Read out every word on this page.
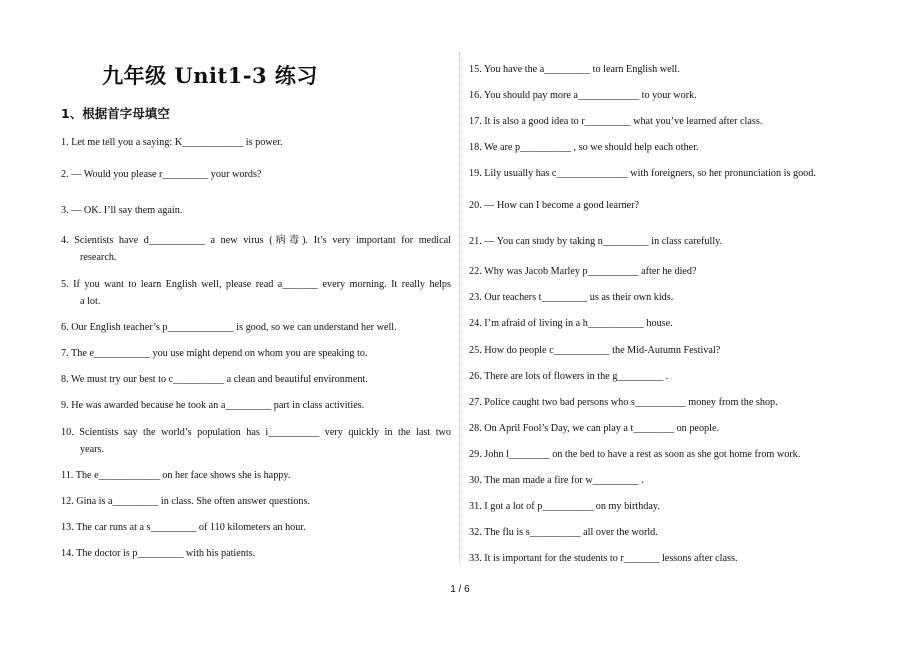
九年级 Unit1-3 练习
1、根据首字母填空
1. Let me tell you a saying: K____________ is power.
2. — Would you please r_________ your words?
3. — OK. I’ll say them again.
4. Scientists have d___________ a new virus (病毒). It’s very important for medical
research.
5. If you want to learn English well, please read a_______ every morning. It really helps
a lot.
6. Our English teacher’s p_____________ is good, so we can understand her well.
7. The e___________ you use might depend on whom you are speaking to.
8. We must try our best to c__________ a clean and beautiful environment.
9. He was awarded because he took an a_________ part in class activities.
10. Scientists say the world’s population has i__________ very quickly in the last two
years.
11. The e____________ on her face shows she is happy.
12. Gina is a_________ in class. She often answer questions.
13. The car runs at a s_________ of 110 kilometers an hour.
14. The doctor is p_________ with his patients.
15. You have the a_________ to learn English well.
16. You should pay more a____________ to your work.
17. It is also a good idea to r_________ what you’ve learned after class.
18. We are p__________ , so we should help each other.
19. Lily usually has c______________ with foreigners, so her pronunciation is good.
20. — How can I become a good learner?
21. — You can study by taking n_________ in class carefully.
22. Why was Jacob Marley p__________ after he died?
23. Our teachers t_________ us as their own kids.
24. I’m afraid of living in a h___________ house.
25. How do people c___________ the Mid-Autumn Festival?
26. There are lots of flowers in the g_________ .
27. Police caught two bad persons who s__________ money from the shop.
28. On April Fool’s Day, we can play a t________ on people.
29. John l________ on the bed to have a rest as soon as she got home from work.
30. The man made a fire for w_________ .
31. I got a lot of p__________ on my birthday.
32. The flu is s__________ all over the world.
33. It is important for the students to r_______ lessons after class.
1 / 6
